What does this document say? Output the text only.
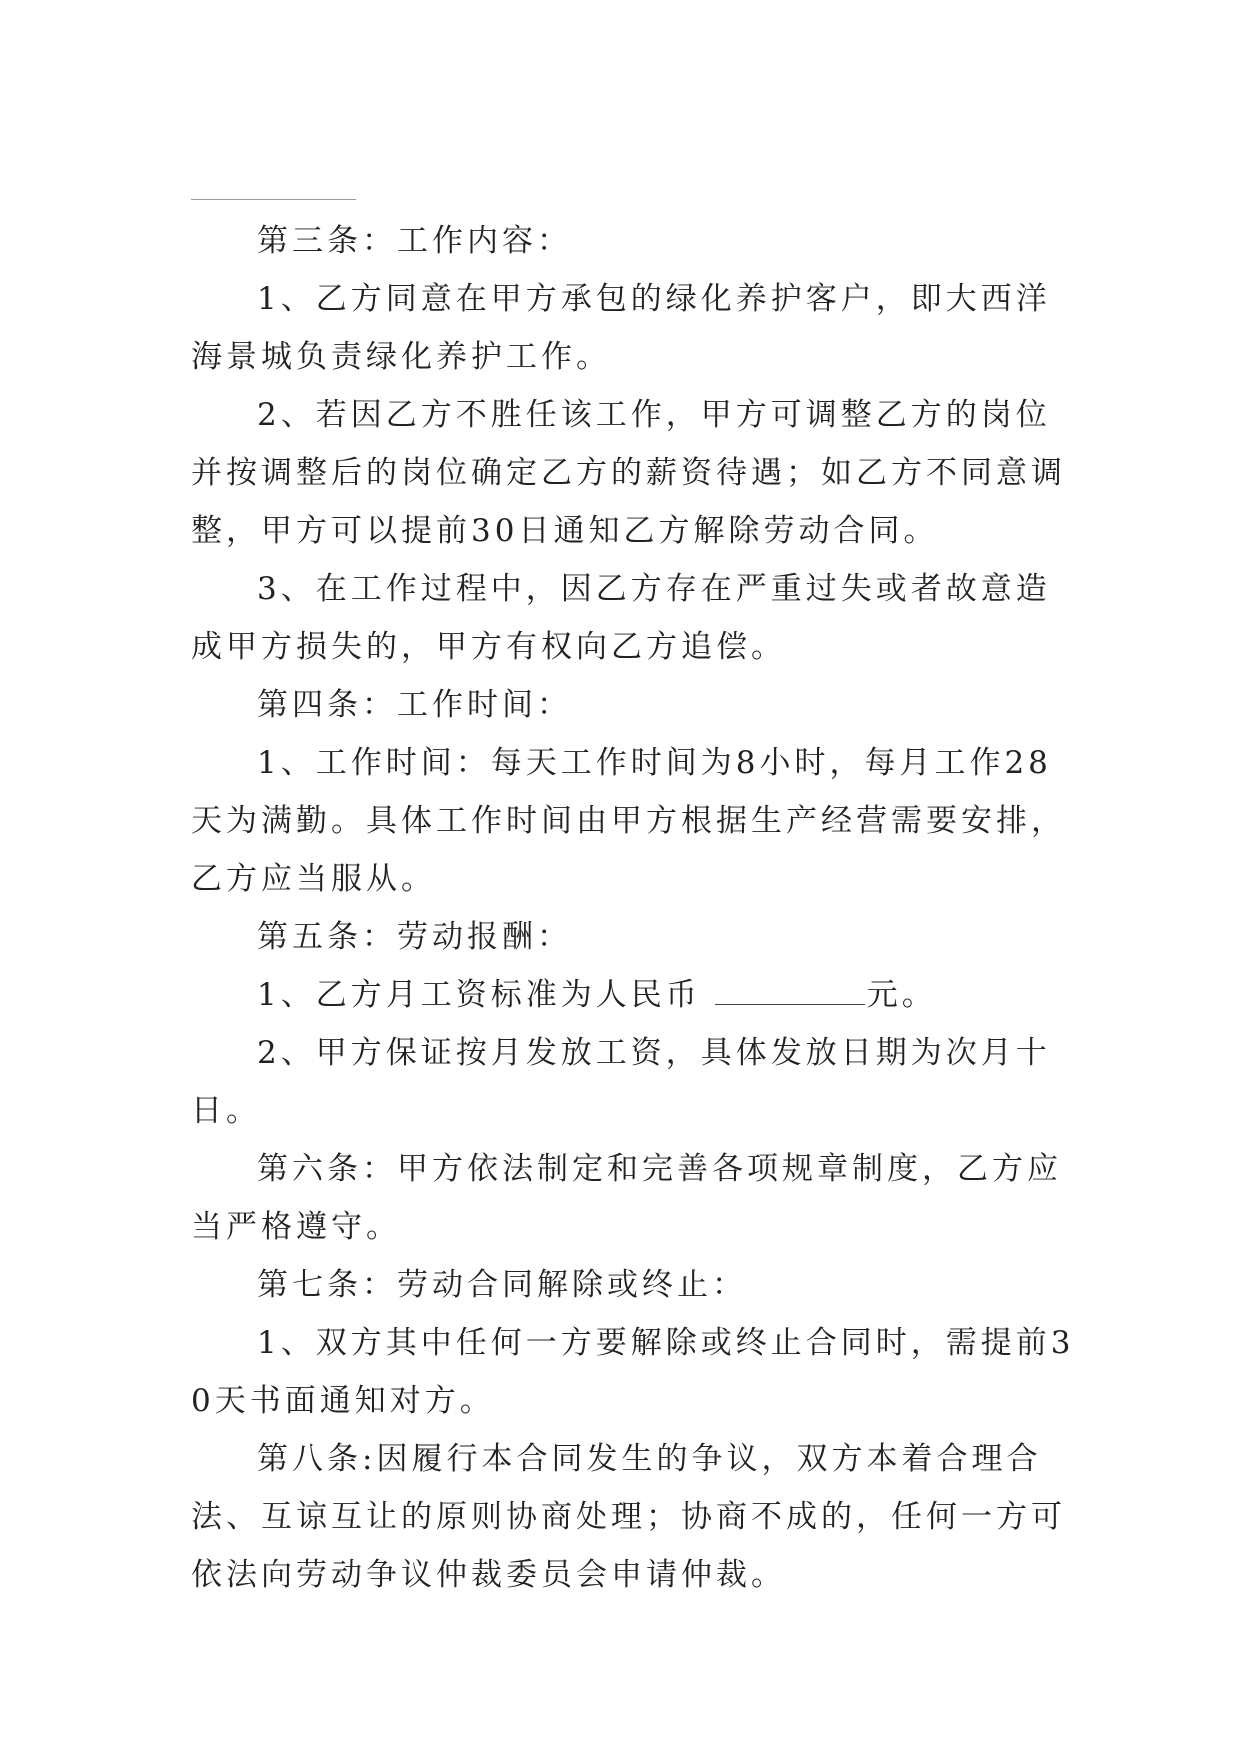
第三条：工作内容：

1、乙方同意在甲方承包的绿化养护客户，即大西洋海景城负责绿化养护工作。

2、若因乙方不胜任该工作，甲方可调整乙方的岗位并按调整后的岗位确定乙方的薪资待遇；如乙方不同意调整，甲方可以提前30日通知乙方解除劳动合同。

3、在工作过程中，因乙方存在严重过失或者故意造成甲方损失的，甲方有权向乙方追偿。

第四条：工作时间：

1、工作时间：每天工作时间为8小时，每月工作28天为满勤。具体工作时间由甲方根据生产经营需要安排，乙方应当服从。

第五条：劳动报酬：

1、乙方月工资标准为人民币	元。

2、甲方保证按月发放工资，具体发放日期为次月十日。

第六条：甲方依法制定和完善各项规章制度，乙方应当严格遵守。

第七条：劳动合同解除或终止：

1、双方其中任何一方要解除或终止合同时，需提前30天书面通知对方。

第八条:因履行本合同发生的争议，双方本着合理合法、互谅互让的原则协商处理；协商不成的，任何一方可依法向劳动争议仲裁委员会申请仲裁。
